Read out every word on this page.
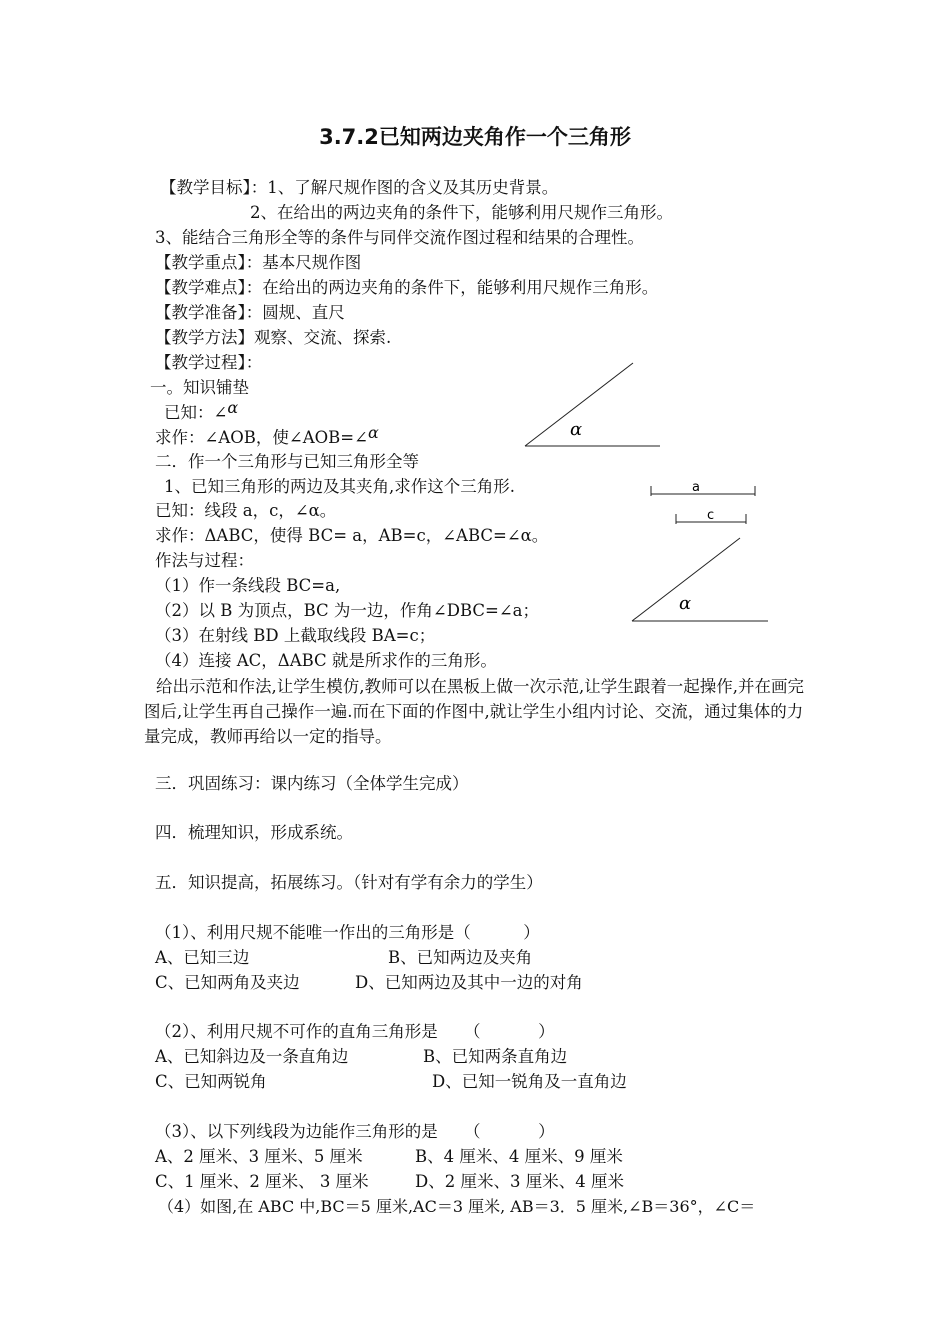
3.7.2已知两边夹角作一个三角形
【教学目标】：1、了解尺规作图的含义及其历史背景。
2、在给出的两边夹角的条件下，能够利用尺规作三角形。
3、能结合三角形全等的条件与同伴交流作图过程和结果的合理性。
【教学重点】：基本尺规作图
【教学难点】：在给出的两边夹角的条件下，能够利用尺规作三角形。
【教学准备】：圆规、直尺
【教学方法】观察、交流、探索.
【教学过程】：
一。知识铺垫
已知：∠α
求作：∠AOB，使∠AOB=∠α
二．作一个三角形与已知三角形全等
1、已知三角形的两边及其夹角,求作这个三角形.
已知：线段 a，c，∠α。
求作：ΔABC，使得 BC= a，AB=c，∠ABC=∠α。
作法与过程：
（1）作一条线段 BC=a,
（2）以 B 为顶点，BC 为一边，作角∠DBC=∠a；
（3）在射线 BD 上截取线段 BA=c；
（4）连接 AC，ΔABC 就是所求作的三角形。
给出示范和作法,让学生模仿,教师可以在黑板上做一次示范,让学生跟着一起操作,并在画完图后,让学生再自己操作一遍.而在下面的作图中,就让学生小组内讨论、交流，通过集体的力量完成，教师再给以一定的指导。
三．巩固练习：课内练习（全体学生完成）
四．梳理知识，形成系统。
五．知识提高，拓展练习。（针对有学有余力的学生）
（1）、利用尺规不能唯一作出的三角形是（          ）
A、已知三边	B、已知两边及夹角
C、已知两角及夹边	D、已知两边及其中一边的对角
（2）、利用尺规不可作的直角三角形是     （           ）
A、已知斜边及一条直角边	B、已知两条直角边
C、已知两锐角	D、已知一锐角及一直角边
（3）、以下列线段为边能作三角形的是     （           ）
A、2 厘米、3 厘米、5 厘米	B、4 厘米、4 厘米、9 厘米
C、1 厘米、2 厘米、 3 厘米	D、2 厘米、3 厘米、4 厘米
（4）如图,在 ABC 中,BC＝5 厘米,AC＝3 厘米, AB＝3．5 厘米,∠B＝36°，∠C＝
α
a
c
α
